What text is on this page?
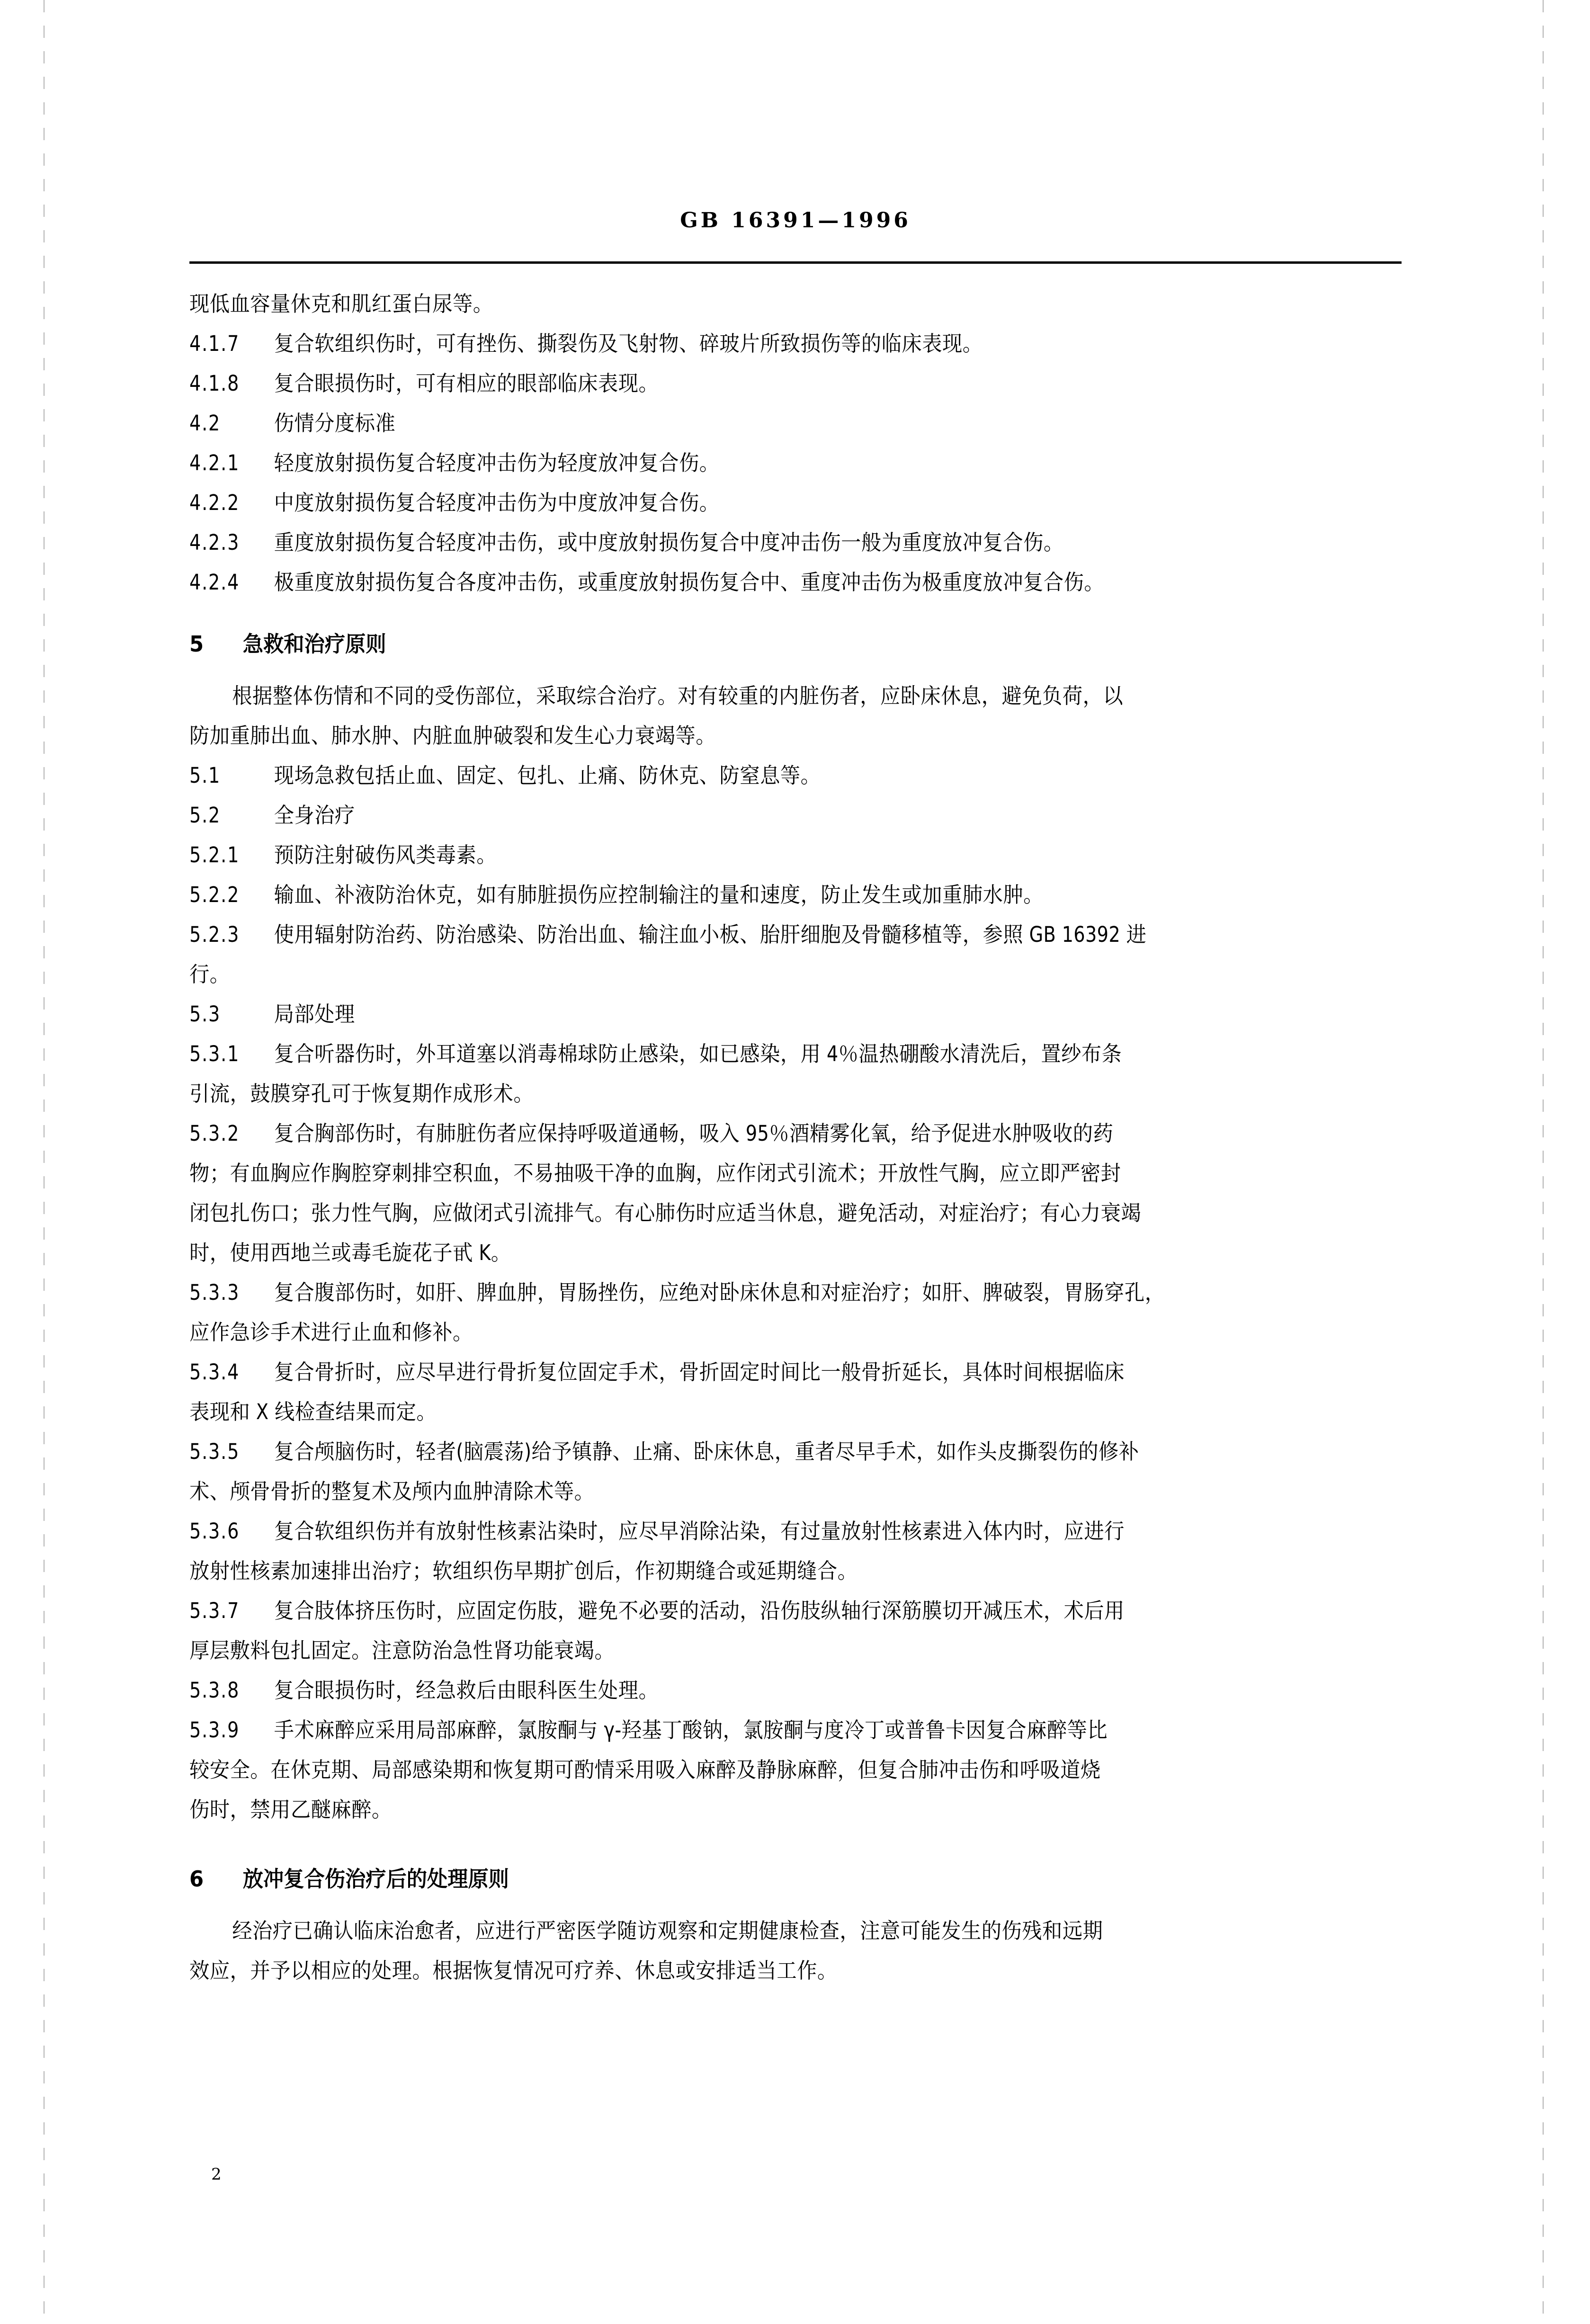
GB 16391—1996
现低血容量休克和肌红蛋白尿等。
4.1.7 复合软组织伤时，可有挫伤、撕裂伤及飞射物、碎玻片所致损伤等的临床表现。
4.1.8 复合眼损伤时，可有相应的眼部临床表现。
4.2 伤情分度标准
4.2.1 轻度放射损伤复合轻度冲击伤为轻度放冲复合伤。
4.2.2 中度放射损伤复合轻度冲击伤为中度放冲复合伤。
4.2.3 重度放射损伤复合轻度冲击伤，或中度放射损伤复合中度冲击伤一般为重度放冲复合伤。
4.2.4 极重度放射损伤复合各度冲击伤，或重度放射损伤复合中、重度冲击伤为极重度放冲复合伤。
5 急救和治疗原则
根据整体伤情和不同的受伤部位，采取综合治疗。对有较重的内脏伤者，应卧床休息，避免负荷，以
防加重肺出血、肺水肿、内脏血肿破裂和发生心力衰竭等。
5.1 现场急救包括止血、固定、包扎、止痛、防休克、防窒息等。
5.2 全身治疗
5.2.1 预防注射破伤风类毒素。
5.2.2 输血、补液防治休克，如有肺脏损伤应控制输注的量和速度，防止发生或加重肺水肿。
5.2.3 使用辐射防治药、防治感染、防治出血、输注血小板、胎肝细胞及骨髓移植等，参照 GB 16392 进
行。
5.3 局部处理
5.3.1 复合听器伤时，外耳道塞以消毒棉球防止感染，如已感染，用 4％温热硼酸水清洗后，置纱布条
引流，鼓膜穿孔可于恢复期作成形术。
5.3.2 复合胸部伤时，有肺脏伤者应保持呼吸道通畅，吸入 95％酒精雾化氧，给予促进水肿吸收的药
物；有血胸应作胸腔穿刺排空积血，不易抽吸干净的血胸，应作闭式引流术；开放性气胸，应立即严密封
闭包扎伤口；张力性气胸，应做闭式引流排气。有心肺伤时应适当休息，避免活动，对症治疗；有心力衰竭
时，使用西地兰或毒毛旋花子甙 K。
5.3.3 复合腹部伤时，如肝、脾血肿，胃肠挫伤，应绝对卧床休息和对症治疗；如肝、脾破裂，胃肠穿孔，
应作急诊手术进行止血和修补。
5.3.4 复合骨折时，应尽早进行骨折复位固定手术，骨折固定时间比一般骨折延长，具体时间根据临床
表现和 X 线检查结果而定。
5.3.5 复合颅脑伤时，轻者(脑震荡)给予镇静、止痛、卧床休息，重者尽早手术，如作头皮撕裂伤的修补
术、颅骨骨折的整复术及颅内血肿清除术等。
5.3.6 复合软组织伤并有放射性核素沾染时，应尽早消除沾染，有过量放射性核素进入体内时，应进行
放射性核素加速排出治疗；软组织伤早期扩创后，作初期缝合或延期缝合。
5.3.7 复合肢体挤压伤时，应固定伤肢，避免不必要的活动，沿伤肢纵轴行深筋膜切开减压术，术后用
厚层敷料包扎固定。注意防治急性肾功能衰竭。
5.3.8 复合眼损伤时，经急救后由眼科医生处理。
5.3.9 手术麻醉应采用局部麻醉，氯胺酮与 γ-羟基丁酸钠，氯胺酮与度冷丁或普鲁卡因复合麻醉等比
较安全。在休克期、局部感染期和恢复期可酌情采用吸入麻醉及静脉麻醉，但复合肺冲击伤和呼吸道烧
伤时，禁用乙醚麻醉。
6 放冲复合伤治疗后的处理原则
经治疗已确认临床治愈者，应进行严密医学随访观察和定期健康检查，注意可能发生的伤残和远期
效应，并予以相应的处理。根据恢复情况可疗养、休息或安排适当工作。
2
